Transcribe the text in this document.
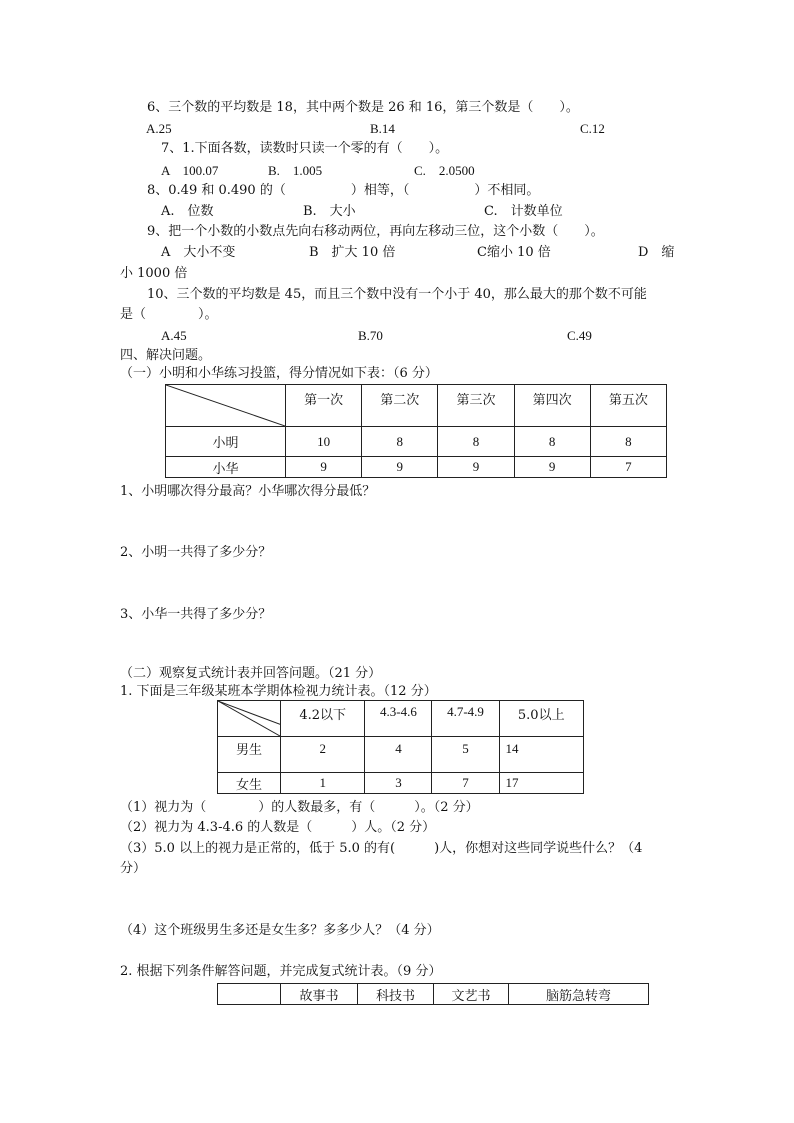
6、三个数的平均数是 18，其中两个数是 26 和 16，第三个数是（　　）。
A.25	B.14	C.12
7、1.下面各数，读数时只读一个零的有（　　）。
A　100.07	B.　1.005	C.　2.0500
8、0.49 和 0.490 的（　　　　　）相等，（　　　　　）不相同。
A.　位数	B.　大小	C.　计数单位
9、把一个小数的小数点先向右移动两位，再向左移动三位，这个小数（　　）。
A　大小不变	B　扩大 10 倍	C缩小 10 倍	D　缩
小 1000 倍
10、三个数的平均数是 45，而且三个数中没有一个小于 40，那么最大的那个数不可能
是（　　　　）。
A.45	B.70	C.49
四、解决问题。
（一）小明和小华练习投篮，得分情况如下表：（6 分）
	第一次	第二次	第三次	第四次	第五次
小明	10	8	8	8	8
小华	9	9	9	9	7
1、小明哪次得分最高？小华哪次得分最低？
2、小明一共得了多少分？
3、小华一共得了多少分？
（二）观察复式统计表并回答问题。（21 分）
1. 下面是三年级某班本学期体检视力统计表。（12 分）
	4.2以下	4.3-4.6	4.7-4.9	5.0以上
男生	2	4	5	14
女生	1	3	7	17
（1）视力为（　　　　）的人数最多，有（　　　）。（2 分）
（2）视力为 4.3-4.6 的人数是（　　　）人。（2 分）
（3）5.0 以上的视力是正常的，低于 5.0 的有(　　　)人，你想对这些同学说些什么？（4
分）
（4）这个班级男生多还是女生多？多多少人？（4 分）
2. 根据下列条件解答问题，并完成复式统计表。（9 分）
	故事书	科技书	文艺书	脑筋急转弯
